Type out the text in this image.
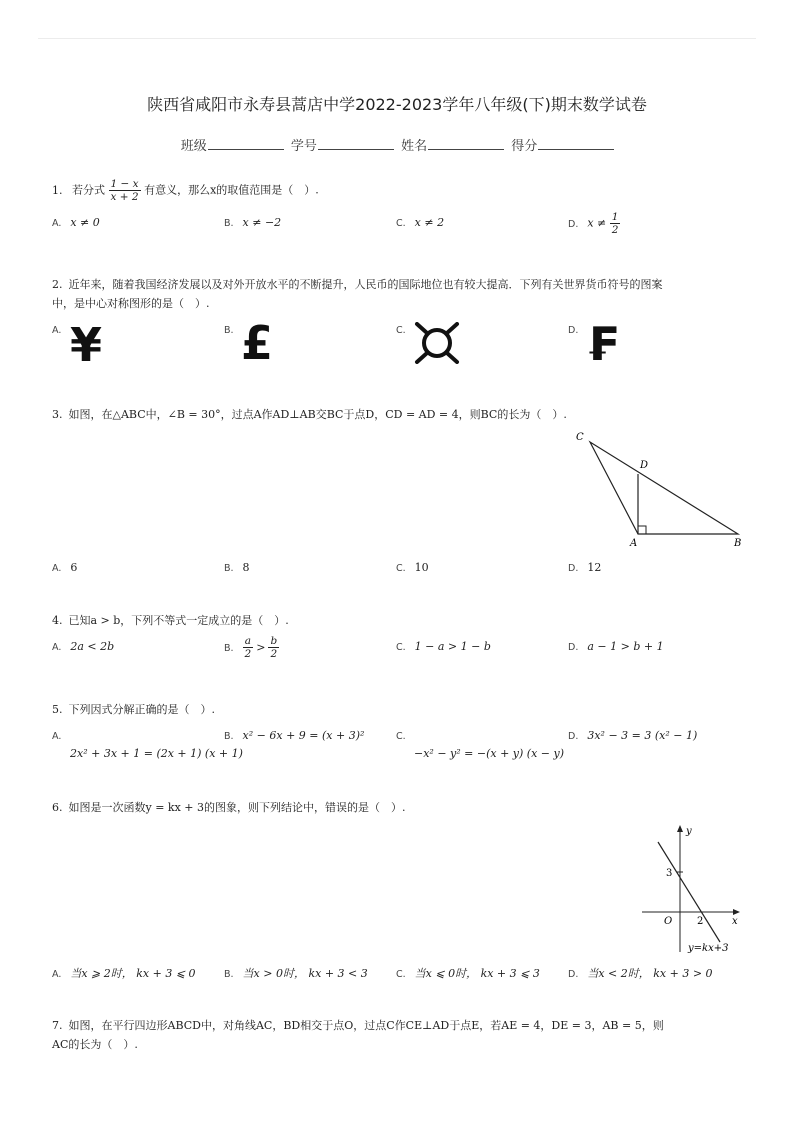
陕西省咸阳市永寿县蒿店中学2022-2023学年八年级(下)期末数学试卷
班级	学号	姓名	得分
1. 若分式 $\frac{1 - x}{x + 2}$ 有意义，那么x的取值范围是（　）.
A. x ≠ 0	B. x ≠ −2	C. x ≠ 2	D. $x \ne \frac{1}{2}$
2. 近年来，随着我国经济发展以及对外开放水平的不断提升，人民币的国际地位也有较大提高．下列有关世界货币符号的图案
中，是中心对称图形的是（　）.
A. ¥	B. £	C.	D. ₣
3. 如图，在△ABC中，∠B = 30°，过点A作AD⊥AB交BC于点D，CD = AD = 4，则BC的长为（　）.
C
D
A	B
A. 6	B. 8	C. 10	D. 12
4. 已知a > b，下列不等式一定成立的是（　）.
A. 2a < 2b	B. $\frac{a}{2} > \frac{b}{2}$	C. 1 − a > 1 − b	D. a − 1 > b + 1
5. 下列因式分解正确的是（　）.
A.
2x² + 3x + 1 = (2x + 1) (x + 1)
B. x² − 6x + 9 = (x + 3)²	C.
−x² − y² = −(x + y) (x − y)
D. 3x² − 3 = 3 (x² − 1)
6. 如图是一次函数y = kx + 3的图象，则下列结论中，错误的是（　）.
y
x
O
3
2
y=kx+3
A. 当x ⩾ 2时， kx + 3 ⩽ 0	B. 当x > 0时， kx + 3 < 3	C. 当x ⩽ 0时， kx + 3 ⩽ 3	D. 当x < 2时， kx + 3 > 0
7. 如图，在平行四边形ABCD中，对角线AC，BD相交于点O，过点C作CE⊥AD于点E，若AE = 4，DE = 3，AB = 5，则
AC的长为（　）.
